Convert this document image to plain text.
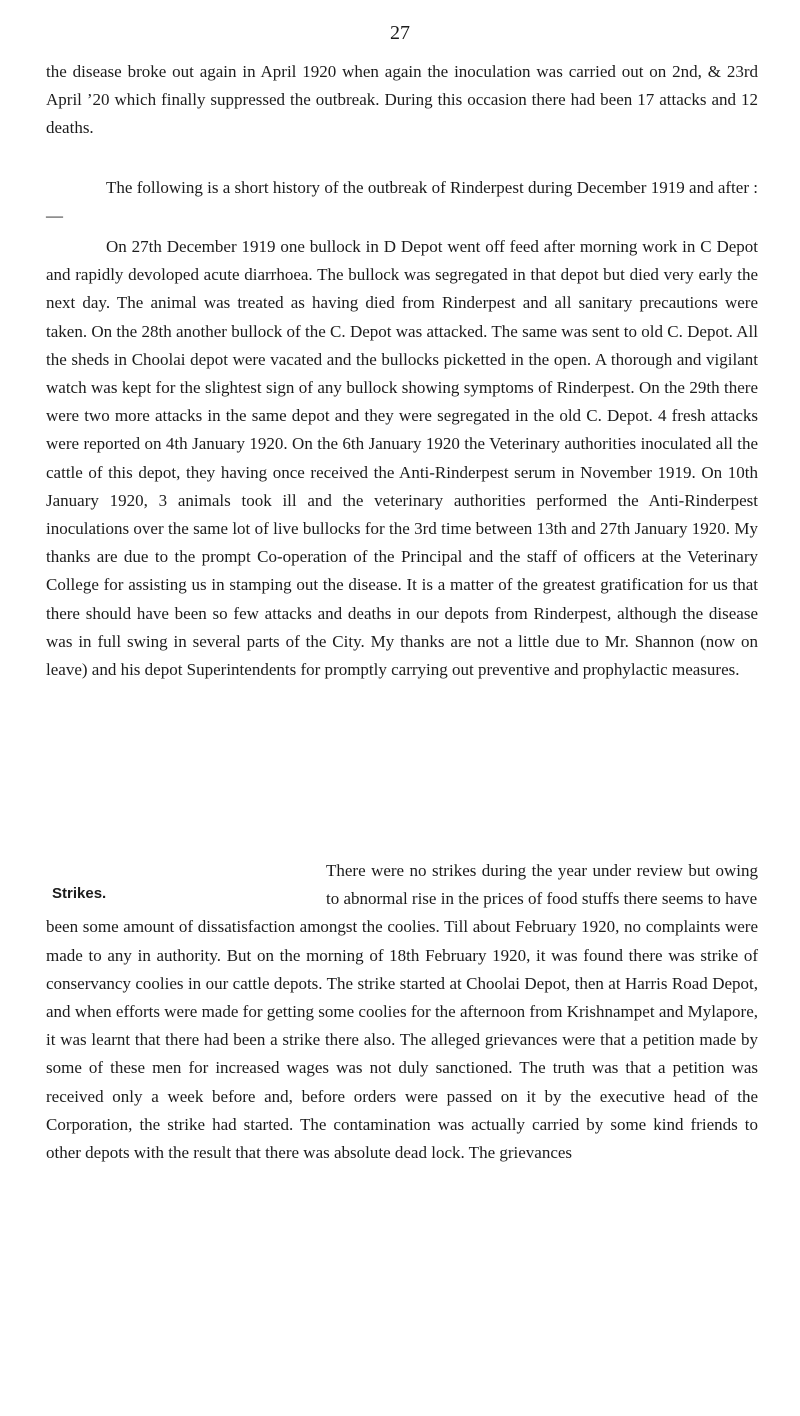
27

the disease broke out again in April 1920 when again the inoculation was carried out on 2nd, & 23rd April ’20 which finally suppressed the outbreak. During this occasion there had been 17 attacks and 12 deaths.

The following is a short history of the outbreak of Rinderpest during December 1919 and after :—

On 27th December 1919 one bullock in D Depot went off feed after morning work in C Depot and rapidly devoloped acute diarrhoea. The bullock was segregated in that depot but died very early the next day. The animal was treated as having died from Rinderpest and all sanitary precautions were taken. On the 28th another bullock of the C. Depot was attacked. The same was sent to old C. Depot. All the sheds in Choolai depot were vacated and the bullocks picketted in the open. A thorough and vigilant watch was kept for the slightest sign of any bullock showing symptoms of Rinderpest. On the 29th there were two more attacks in the same depot and they were segregated in the old C. Depot. 4 fresh attacks were reported on 4th January 1920. On the 6th January 1920 the Veterinary authorities inoculated all the cattle of this depot, they having once received the Anti-Rinderpest serum in November 1919. On 10th January 1920, 3 animals took ill and the veterinary authorities performed the Anti-Rinderpest inoculations over the same lot of live bullocks for the 3rd time between 13th and 27th January 1920. My thanks are due to the prompt Co-operation of the Principal and the staff of officers at the Veterinary College for assisting us in stamping out the disease. It is a matter of the greatest gratification for us that there should have been so few attacks and deaths in our depots from Rinderpest, although the disease was in full swing in several parts of the City. My thanks are not a little due to Mr. Shannon (now on leave) and his depot Superintendents for promptly carrying out preventive and prophylactic measures.

Strikes.

There were no strikes during the year under review but owing to abnormal rise in the prices of food stuffs there seems to have
been some amount of dissatisfaction amongst the coolies. Till about February 1920, no complaints were made to any in authority. But on the morning of 18th February 1920, it was found there was strike of conservancy coolies in our cattle depots. The strike started at Choolai Depot, then at Harris Road Depot, and when efforts were made for getting some coolies for the afternoon from Krishnampet and Mylapore, it was learnt that there had been a strike there also. The alleged grievances were that a petition made by some of these men for increased wages was not duly sanctioned. The truth was that a petition was received only a week before and, before orders were passed on it by the executive head of the Corporation, the strike had started. The contamination was actually carried by some kind friends to other depots with the result that there was absolute dead lock. The grievances
